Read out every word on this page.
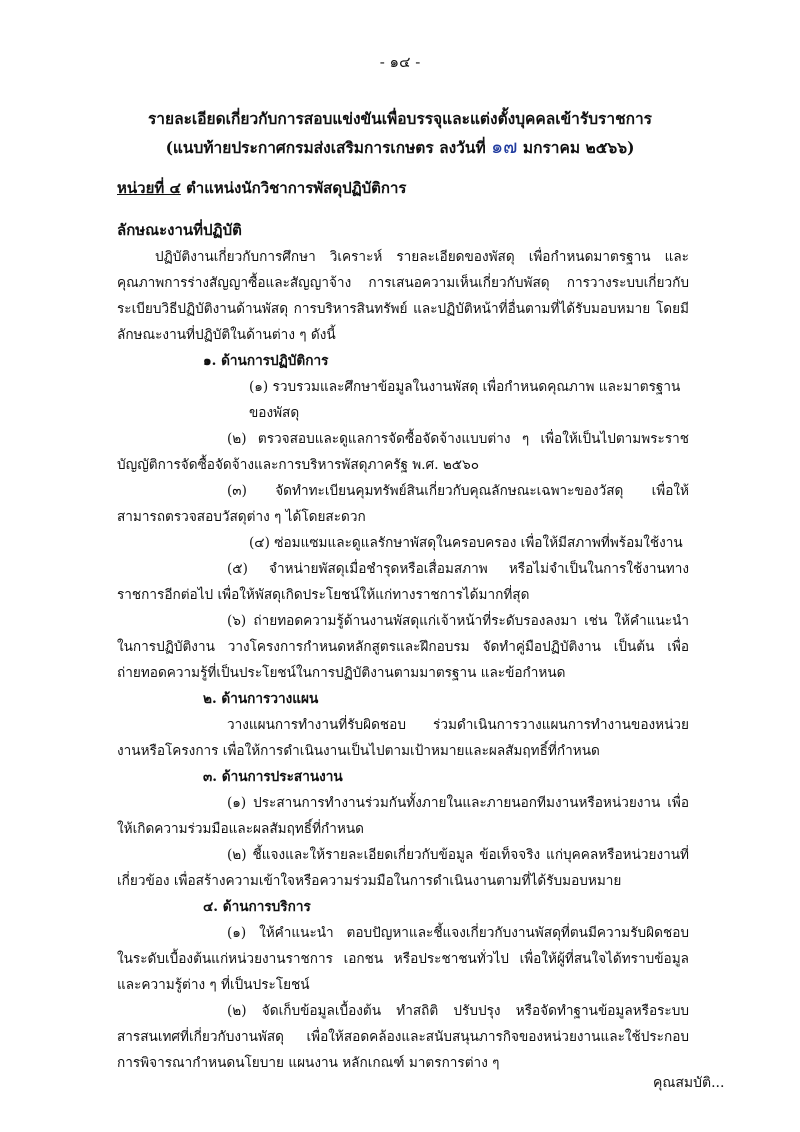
- ๑๔ -
รายละเอียดเกี่ยวกับการสอบแข่งขันเพื่อบรรจุและแต่งตั้งบุคคลเข้ารับราชการ
(แนบท้ายประกาศกรมส่งเสริมการเกษตร ลงวันที่ ๑๗ มกราคม ๒๕๖๖)
หน่วยที่ ๔ ตำแหน่งนักวิชาการพัสดุปฏิบัติการ
ลักษณะงานที่ปฏิบัติ

ปฏิบัติงานเกี่ยวกับการศึกษา วิเคราะห์ รายละเอียดของพัสดุ เพื่อกำหนดมาตรฐาน และคุณภาพการร่างสัญญาซื้อและสัญญาจ้าง การเสนอความเห็นเกี่ยวกับพัสดุ การวางระบบเกี่ยวกับระเบียบวิธีปฏิบัติงานด้านพัสดุ การบริหารสินทรัพย์ และปฏิบัติหน้าที่อื่นตามที่ได้รับมอบหมาย โดยมีลักษณะงานที่ปฏิบัติในด้านต่าง ๆ ดังนี้

๑. ด้านการปฏิบัติการ

(๑) รวบรวมและศึกษาข้อมูลในงานพัสดุ เพื่อกำหนดคุณภาพ และมาตรฐานของพัสดุ

(๒) ตรวจสอบและดูแลการจัดซื้อจัดจ้างแบบต่าง ๆ เพื่อให้เป็นไปตามพระราชบัญญัติการจัดซื้อจัดจ้างและการบริหารพัสดุภาครัฐ พ.ศ. ๒๕๖๐

(๓) จัดทำทะเบียนคุมทรัพย์สินเกี่ยวกับคุณลักษณะเฉพาะของวัสดุ เพื่อให้สามารถตรวจสอบวัสดุต่าง ๆ ได้โดยสะดวก

(๔) ซ่อมแซมและดูแลรักษาพัสดุในครอบครอง เพื่อให้มีสภาพที่พร้อมใช้งาน

(๕) จำหน่ายพัสดุเมื่อชำรุดหรือเสื่อมสภาพ หรือไม่จำเป็นในการใช้งานทางราชการอีกต่อไป เพื่อให้พัสดุเกิดประโยชน์ให้แก่ทางราชการได้มากที่สุด

(๖) ถ่ายทอดความรู้ด้านงานพัสดุแก่เจ้าหน้าที่ระดับรองลงมา เช่น ให้คำแนะนำในการปฏิบัติงาน วางโครงการกำหนดหลักสูตรและฝึกอบรม จัดทำคู่มือปฏิบัติงาน เป็นต้น เพื่อถ่ายทอดความรู้ที่เป็นประโยชน์ในการปฏิบัติงานตามมาตรฐาน และข้อกำหนด

๒. ด้านการวางแผน

วางแผนการทำงานที่รับผิดชอบ ร่วมดำเนินการวางแผนการทำงานของหน่วยงานหรือโครงการ เพื่อให้การดำเนินงานเป็นไปตามเป้าหมายและผลสัมฤทธิ์ที่กำหนด

๓. ด้านการประสานงาน

(๑) ประสานการทำงานร่วมกันทั้งภายในและภายนอกทีมงานหรือหน่วยงาน เพื่อให้เกิดความร่วมมือและผลสัมฤทธิ์ที่กำหนด

(๒) ชี้แจงและให้รายละเอียดเกี่ยวกับข้อมูล ข้อเท็จจริง แก่บุคคลหรือหน่วยงานที่เกี่ยวข้อง เพื่อสร้างความเข้าใจหรือความร่วมมือในการดำเนินงานตามที่ได้รับมอบหมาย

๔. ด้านการบริการ

(๑) ให้คำแนะนำ ตอบปัญหาและชี้แจงเกี่ยวกับงานพัสดุที่ตนมีความรับผิดชอบ ในระดับเบื้องต้นแก่หน่วยงานราชการ เอกชน หรือประชาชนทั่วไป เพื่อให้ผู้ที่สนใจได้ทราบข้อมูลและความรู้ต่าง ๆ ที่เป็นประโยชน์

(๒) จัดเก็บข้อมูลเบื้องต้น ทำสถิติ ปรับปรุง หรือจัดทำฐานข้อมูลหรือระบบสารสนเทศที่เกี่ยวกับงานพัสดุ เพื่อให้สอดคล้องและสนับสนุนภารกิจของหน่วยงานและใช้ประกอบการพิจารณากำหนดนโยบาย แผนงาน หลักเกณฑ์ มาตรการต่าง ๆ

คุณสมบัติ...
